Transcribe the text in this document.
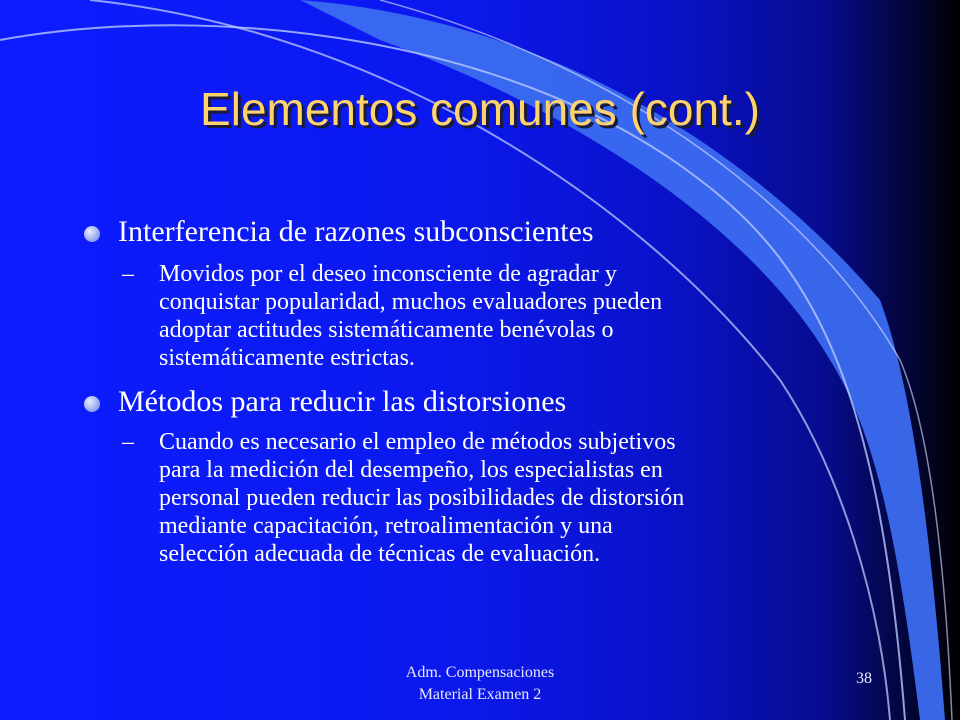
Elementos comunes (cont.)

Interferencia de razones subconscientes

– Movidos por el deseo inconsciente de agradar y
conquistar popularidad, muchos evaluadores pueden
adoptar actitudes sistemáticamente benévolas o
sistemáticamente estrictas.

Métodos para reducir las distorsiones

– Cuando es necesario el empleo de métodos subjetivos
para la medición del desempeño, los especialistas en
personal pueden reducir las posibilidades de distorsión
mediante capacitación, retroalimentación y una
selección adecuada de técnicas de evaluación.
Adm. Compensaciones
Material Examen 2
38
